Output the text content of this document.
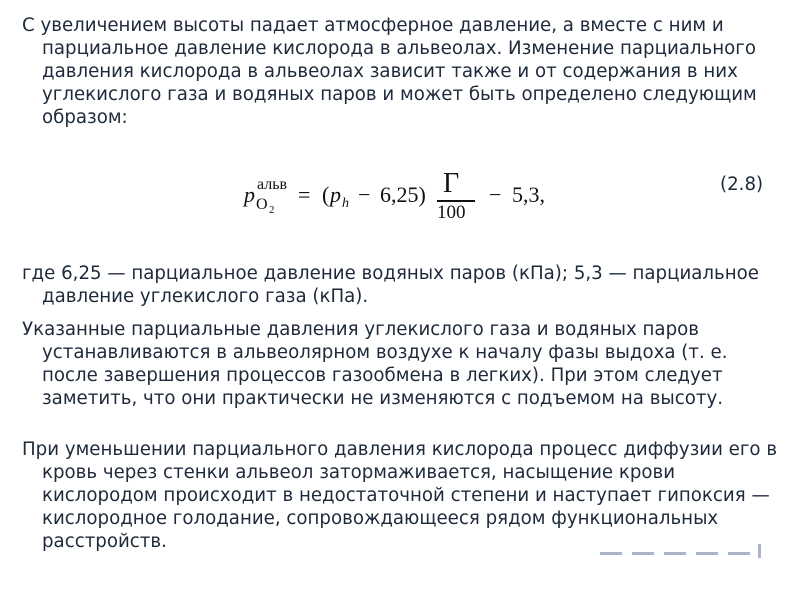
С увеличением высоты падает атмосферное давление, а вместе с ним и парциальное давление кислорода в альвеолах. Изменение парциального давления кислорода в альвеолах зависит также и от содержания в них углекислого газа и водяных паров и может быть определено следующим образом:

p альв
O 2
= ( p h − 6,25) Г
100
− 5,3,	(2.8)

где 6,25 — парциальное давление водяных паров (кПа); 5,3 — парциальное давление углекислого газа (кПа).

Указанные парциальные давления углекислого газа и водяных паров устанавливаются в альвеолярном воздухе к началу фазы выдоха (т. е. после завершения процессов газообмена в легких). При этом следует заметить, что они практически не изменяются с подъемом на высоту.

При уменьшении парциального давления кислорода процесс диффузии его в кровь через стенки альвеол затормаживается, насыщение крови кислородом происходит в недостаточной степени и наступает гипоксия — кислородное голодание, сопровождающееся рядом функциональных расстройств.
